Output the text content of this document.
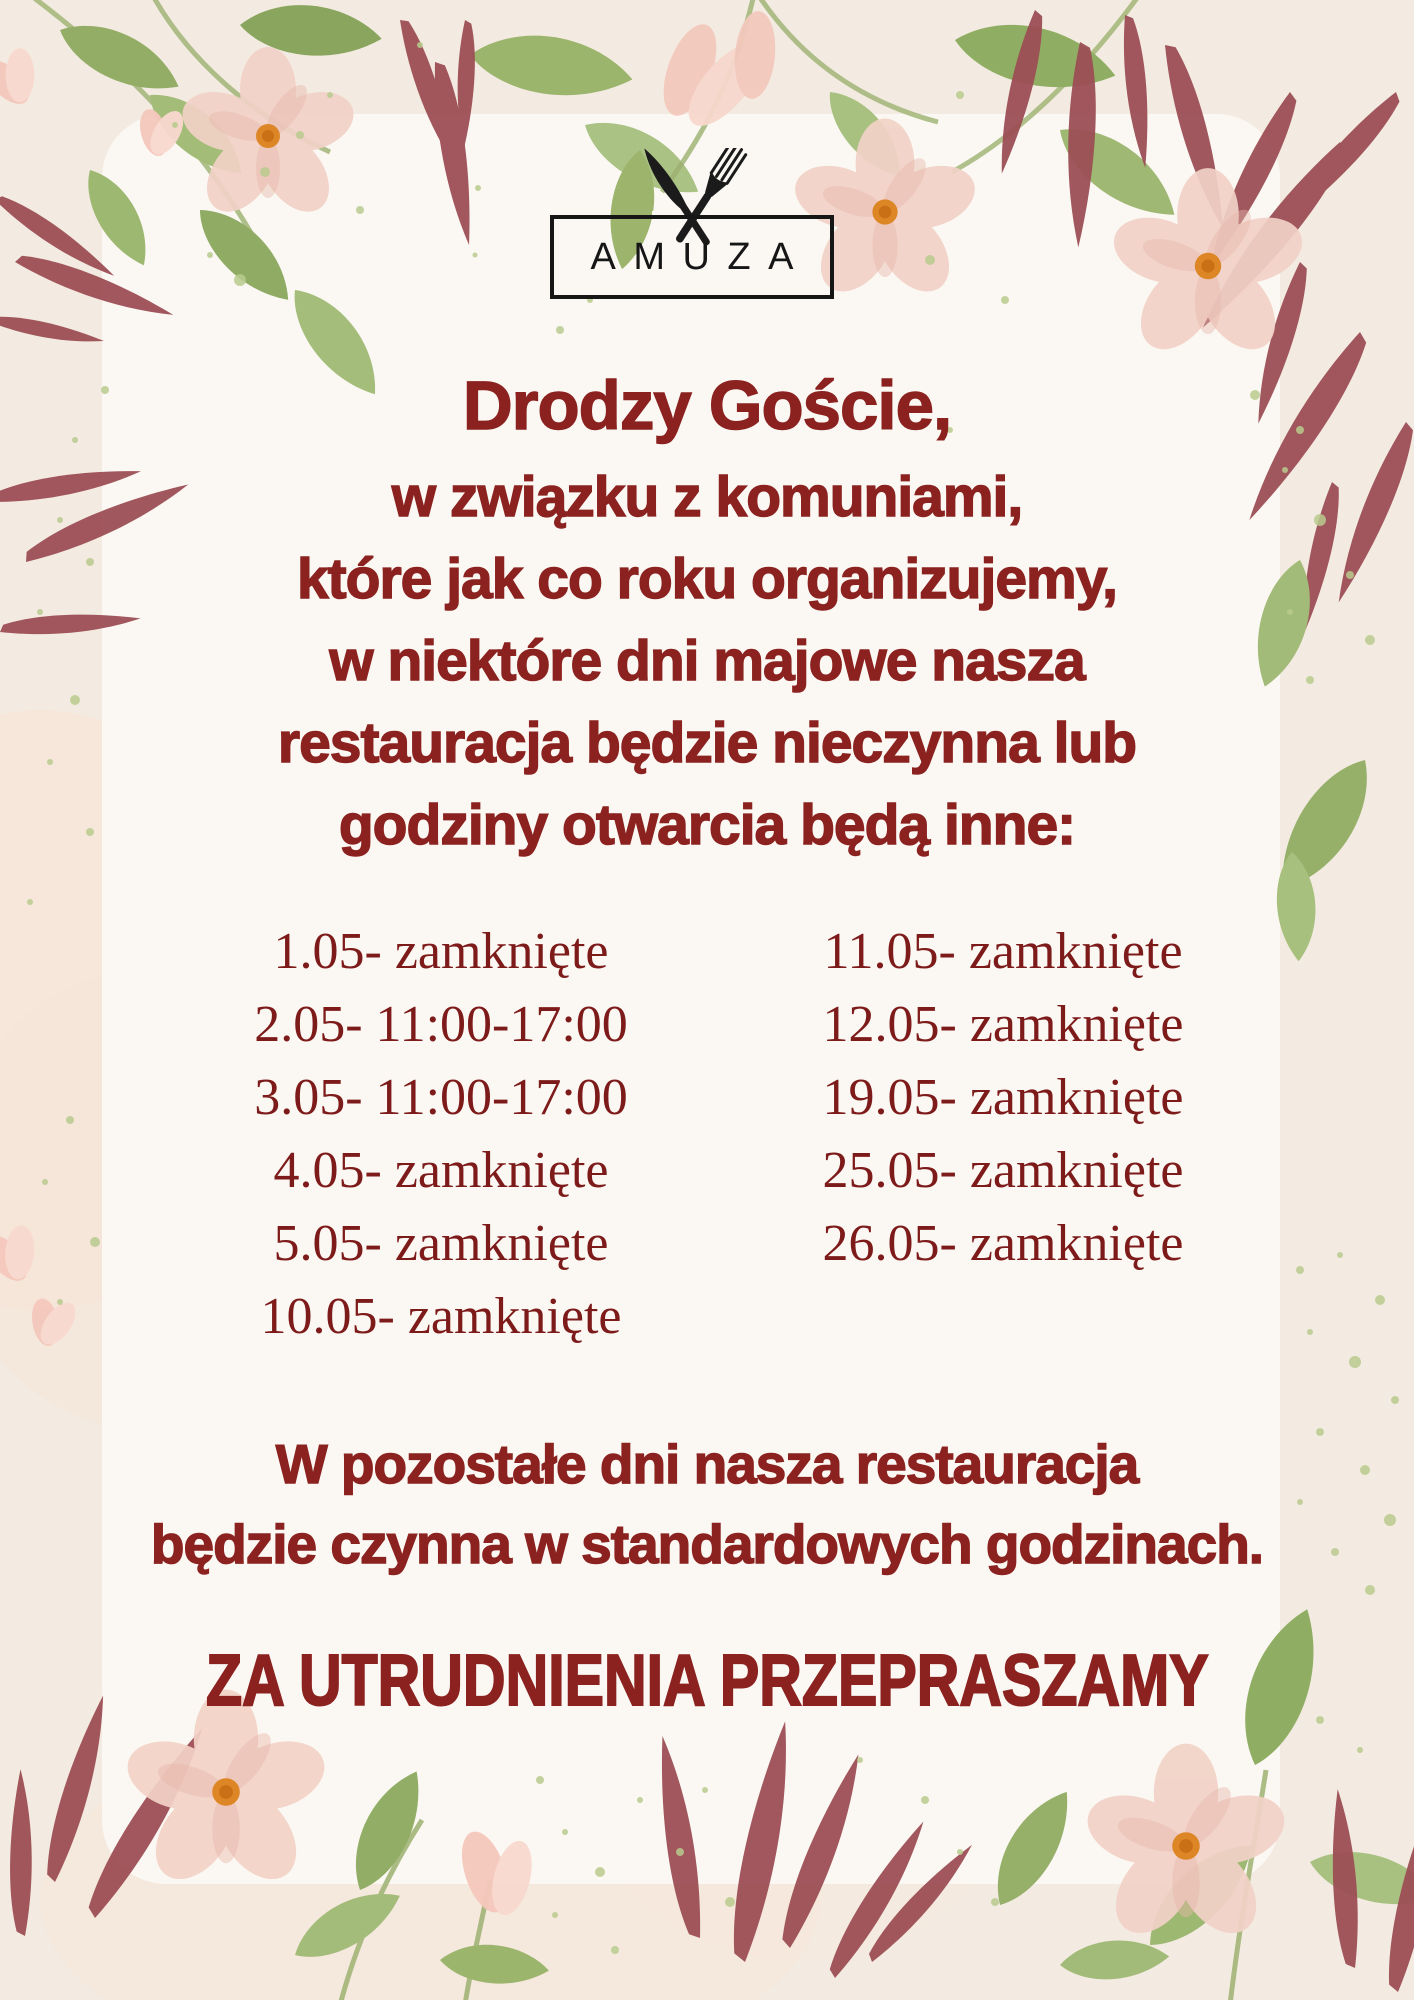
AMUZA
Drodzy Goście,
w związku z komuniami,
które jak co roku organizujemy,
w niektóre dni majowe nasza
restauracja będzie nieczynna lub
godziny otwarcia będą inne:
1.05- zamknięte
2.05- 11:00-17:00
3.05- 11:00-17:00
4.05- zamknięte
5.05- zamknięte
10.05- zamknięte
11.05- zamknięte
12.05- zamknięte
19.05- zamknięte
25.05- zamknięte
26.05- zamknięte
W pozostałe dni nasza restauracja
będzie czynna w standardowych godzinach.
ZA UTRUDNIENIA PRZEPRASZAMY
